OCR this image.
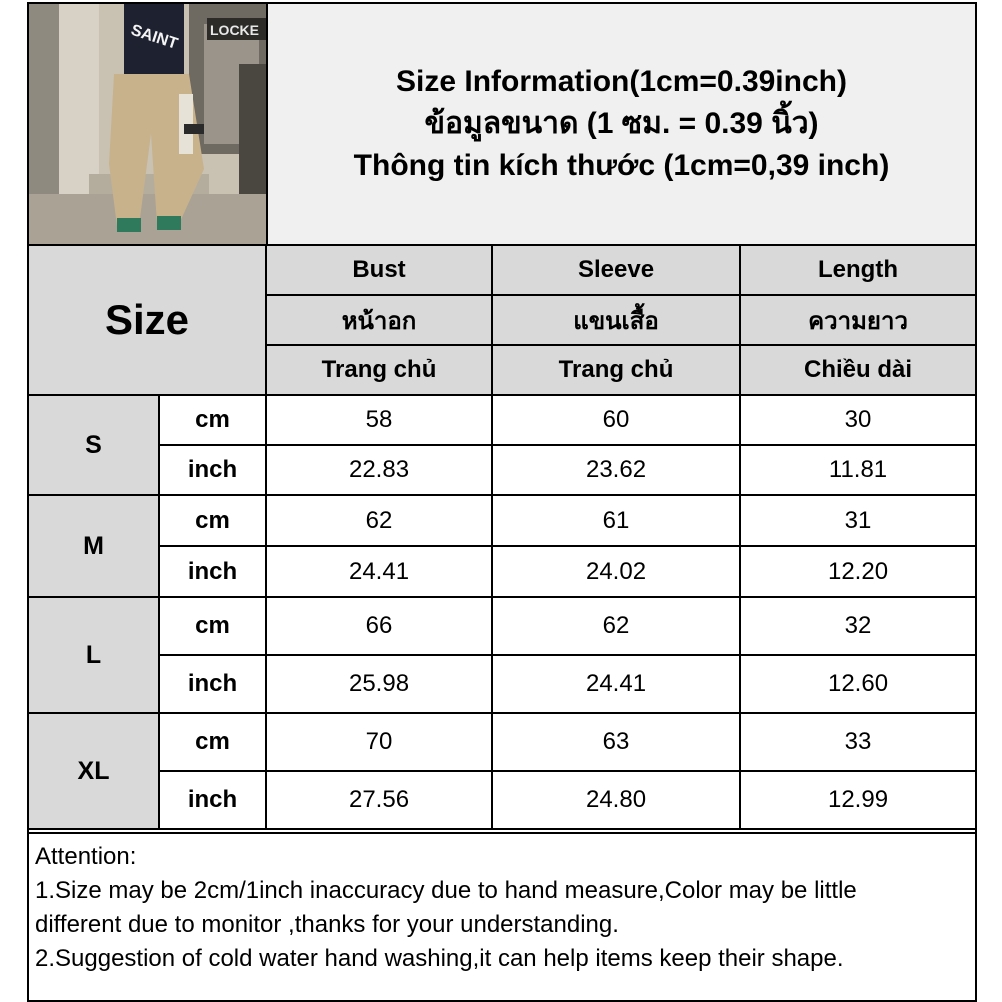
SAINT LOCKE
Size Information(1cm=0.39inch)
ข้อมูลขนาด (1 ซม. = 0.39 นิ้ว)
Thông tin kích thước (1cm=0,39 inch)
Size		Bust	Sleeve	Length
		หน้าอก	แขนเสื้อ	ความยาว
		Trang chủ	Trang chủ	Chiều dài
S	cm	58	60	30
	inch	22.83	23.62	11.81
M	cm	62	61	31
	inch	24.41	24.02	12.20
L	cm	66	62	32
	inch	25.98	24.41	12.60
XL	cm	70	63	33
	inch	27.56	24.80	12.99
Attention:
1.Size may be 2cm/1inch inaccuracy due to hand measure,Color may be little
different due to monitor ,thanks for your understanding.
2.Suggestion of cold water hand washing,it can help items keep their shape.
